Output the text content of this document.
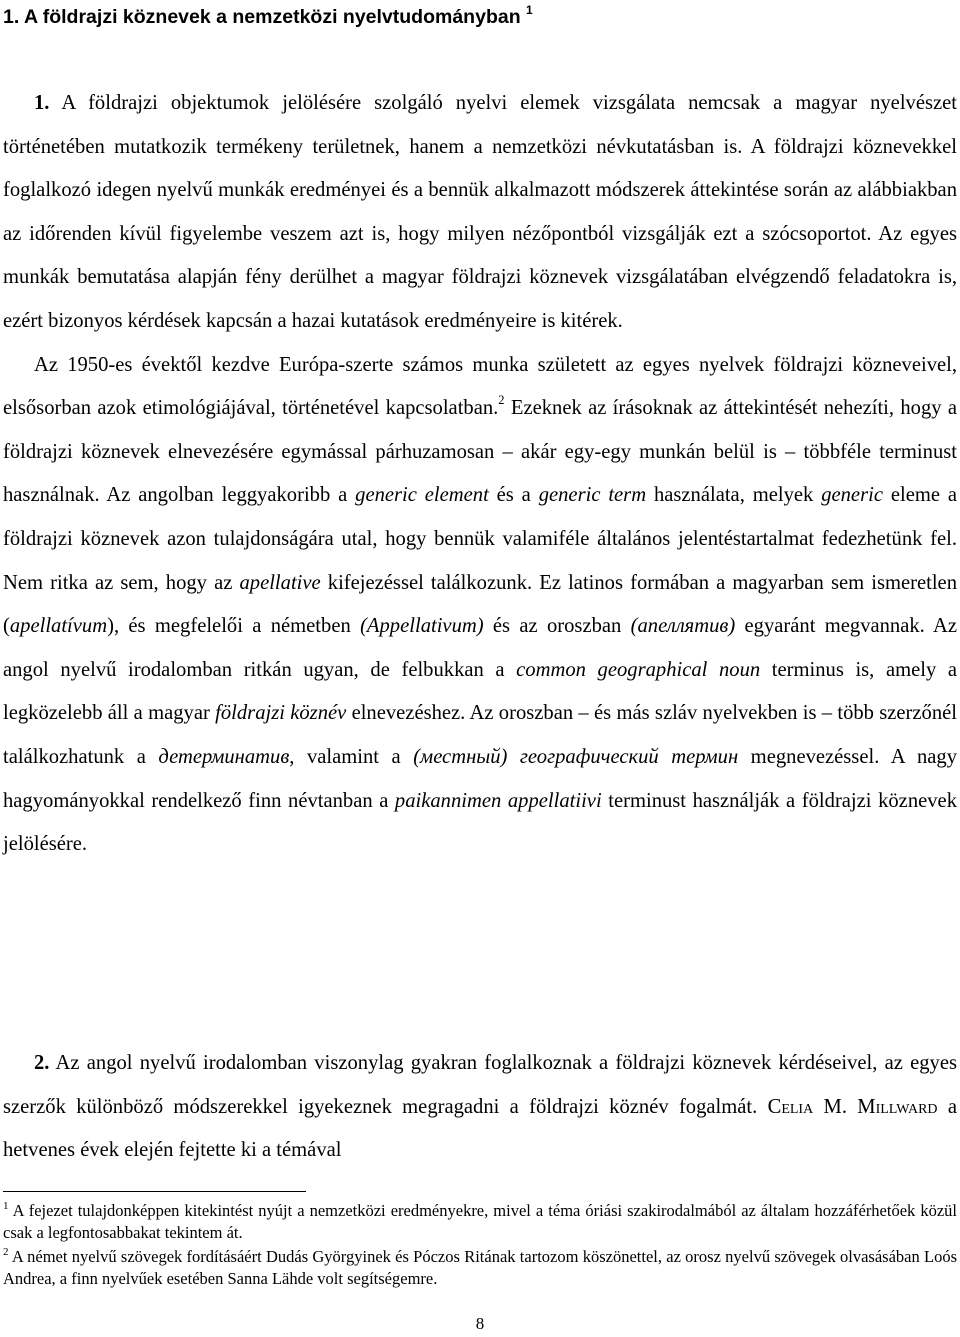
1. A földrajzi köznevek a nemzetközi nyelvtudományban $^1$

1. A földrajzi objektumok jelölésére szolgáló nyelvi elemek vizsgálata nemcsak a magyar nyelvészet történetében mutatkozik termékeny területnek, hanem a nemzetközi névkutatásban is. A földrajzi köznevekkel foglalkozó idegen nyelvű munkák eredményei és a bennük alkalmazott módszerek áttekintése során az alábbiakban az időrenden kívül figyelembe veszem azt is, hogy milyen nézőpontból vizsgálják ezt a szócsoportot. Az egyes munkák bemutatása alapján fény derülhet a magyar földrajzi köznevek vizsgálatában elvégzendő feladatokra is, ezért bizonyos kérdések kapcsán a hazai kutatások eredményeire is kitérek.
Az 1950-es évektől kezdve Európa-szerte számos munka született az egyes nyelvek földrajzi közneveivel, elsősorban azok etimológiájával, történetével kapcsolatban.$^2$ Ezeknek az írásoknak az áttekintését nehezíti, hogy a földrajzi köznevek elnevezésére egymással párhuzamosan – akár egy-egy munkán belül is – többféle terminust használnak. Az angolban leggyakoribb a generic element és a generic term használata, melyek generic eleme a földrajzi köznevek azon tulajdonságára utal, hogy bennük valamiféle általános jelentéstartalmat fedezhetünk fel. Nem ritka az sem, hogy az apellative kifejezéssel találkozunk. Ez latinos formában a magyarban sem ismeretlen (apellatívum), és megfelelői a németben (Appellativum) és az oroszban (апеллятив) egyaránt megvannak. Az angol nyelvű irodalomban ritkán ugyan, de felbukkan a common geographical noun terminus is, amely a legközelebb áll a magyar földrajzi köznév elnevezéshez. Az oroszban – és más szláv nyelvekben is – több szerzőnél találkozhatunk a детерминатив, valamint a (местный) географический термин megnevezéssel. A nagy hagyományokkal rendelkező finn névtanban a paikannimen appellatiivi terminust használják a földrajzi köznevek jelölésére.

2. Az angol nyelvű irodalomban viszonylag gyakran foglalkoznak a földrajzi köznevek kérdéseivel, az egyes szerzők különböző módszerekkel igyekeznek megragadni a földrajzi köznév fogalmát. Celia M. Millward a hetvenes évek elején fejtette ki a témával

$^1$ A fejezet tulajdonképpen kitekintést nyújt a nemzetközi eredményekre, mivel a téma óriási szakirodalmából az általam hozzáférhetőek közül csak a legfontosabbakat tekintem át.

$^2$ A német nyelvű szövegek fordításáért Dudás Györgyinek és Póczos Ritának tartozom köszönettel, az orosz nyelvű szövegek olvasásában Loós Andrea, a finn nyelvűek esetében Sanna Lähde volt segítségemre.

8
